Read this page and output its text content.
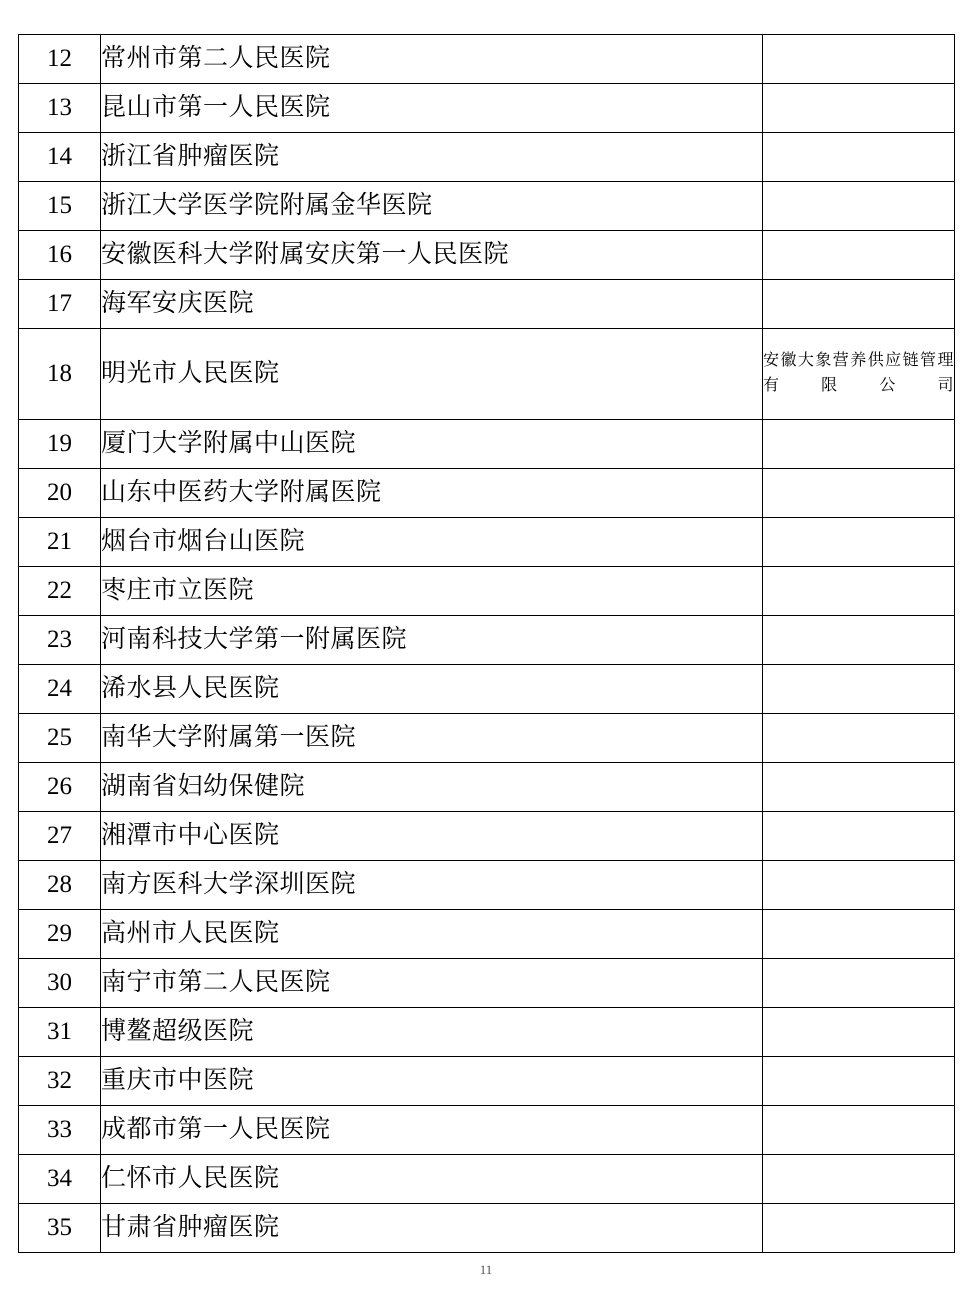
12	常州市第二人民医院	
13	昆山市第一人民医院	
14	浙江省肿瘤医院	
15	浙江大学医学院附属金华医院	
16	安徽医科大学附属安庆第一人民医院	
17	海军安庆医院	
18	明光市人民医院	安徽大象营养供应链管理有限公司
19	厦门大学附属中山医院	
20	山东中医药大学附属医院	
21	烟台市烟台山医院	
22	枣庄市立医院	
23	河南科技大学第一附属医院	
24	浠水县人民医院	
25	南华大学附属第一医院	
26	湖南省妇幼保健院	
27	湘潭市中心医院	
28	南方医科大学深圳医院	
29	高州市人民医院	
30	南宁市第二人民医院	
31	博鳌超级医院	
32	重庆市中医院	
33	成都市第一人民医院	
34	仁怀市人民医院	
35	甘肃省肿瘤医院	
11
